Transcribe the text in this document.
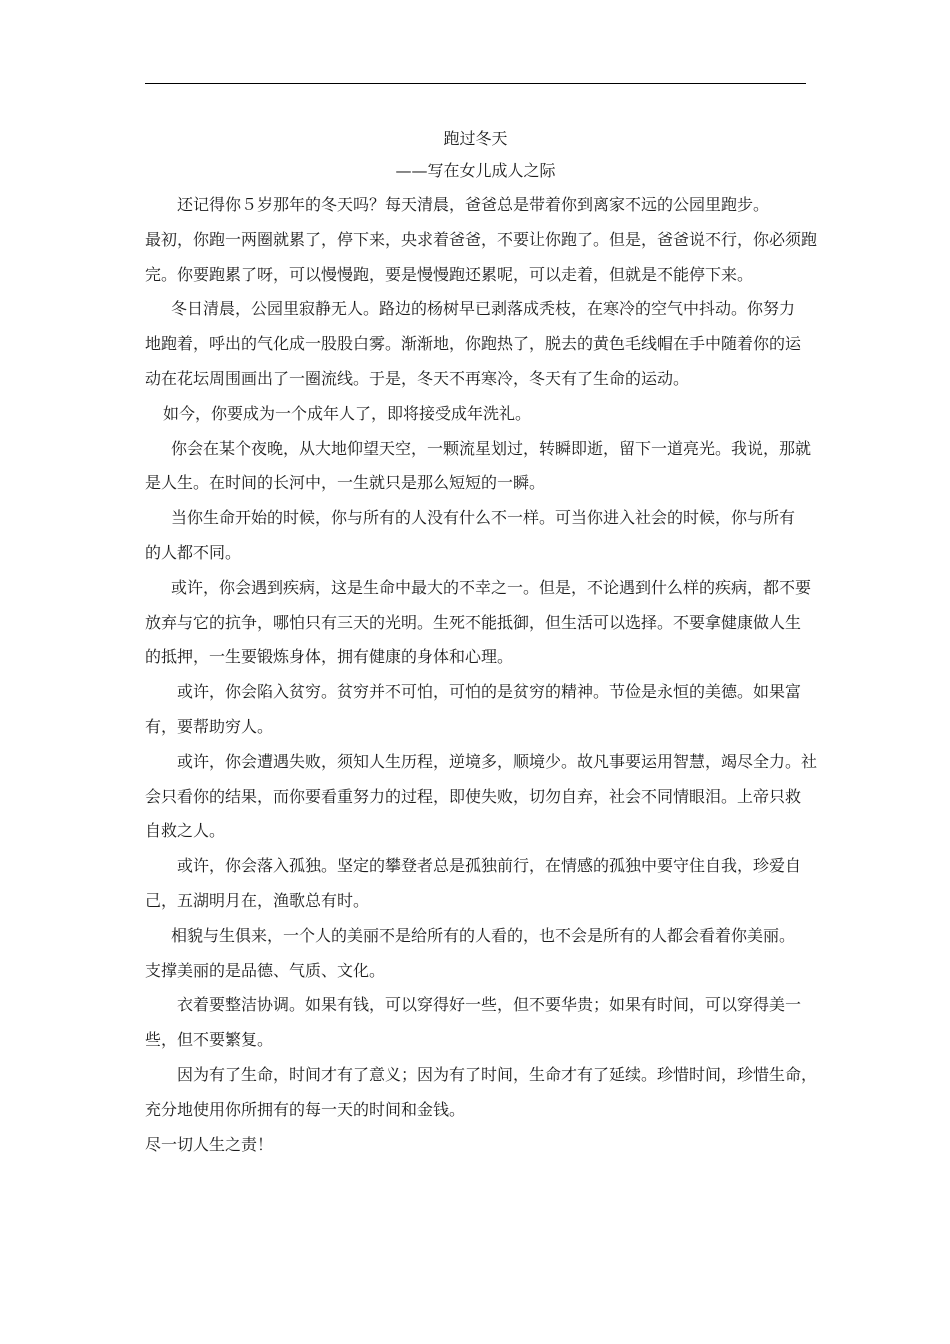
跑过冬天
——写在女儿成人之际
还记得你５岁那年的冬天吗？每天清晨，爸爸总是带着你到离家不远的公园里跑步。
最初，你跑一两圈就累了，停下来，央求着爸爸，不要让你跑了。但是，爸爸说不行，你必须跑
完。你要跑累了呀，可以慢慢跑，要是慢慢跑还累呢，可以走着，但就是不能停下来。
冬日清晨，公园里寂静无人。路边的杨树早已剥落成秃枝，在寒冷的空气中抖动。你努力
地跑着，呼出的气化成一股股白雾。渐渐地，你跑热了，脱去的黄色毛线帽在手中随着你的运
动在花坛周围画出了一圈流线。于是，冬天不再寒冷，冬天有了生命的运动。
如今，你要成为一个成年人了，即将接受成年洗礼。
你会在某个夜晚，从大地仰望天空，一颗流星划过，转瞬即逝，留下一道亮光。我说，那就
是人生。在时间的长河中，一生就只是那么短短的一瞬。
当你生命开始的时候，你与所有的人没有什么不一样。可当你进入社会的时候，你与所有
的人都不同。
或许，你会遇到疾病，这是生命中最大的不幸之一。但是，不论遇到什么样的疾病，都不要
放弃与它的抗争，哪怕只有三天的光明。生死不能抵御，但生活可以选择。不要拿健康做人生
的抵押，一生要锻炼身体，拥有健康的身体和心理。
或许，你会陷入贫穷。贫穷并不可怕，可怕的是贫穷的精神。节俭是永恒的美德。如果富
有，要帮助穷人。
或许，你会遭遇失败，须知人生历程，逆境多，顺境少。故凡事要运用智慧，竭尽全力。社
会只看你的结果，而你要看重努力的过程，即使失败，切勿自弃，社会不同情眼泪。上帝只救
自救之人。
或许，你会落入孤独。坚定的攀登者总是孤独前行，在情感的孤独中要守住自我，珍爱自
己，五湖明月在，渔歌总有时。
相貌与生俱来，一个人的美丽不是给所有的人看的，也不会是所有的人都会看着你美丽。
支撑美丽的是品德、气质、文化。
衣着要整洁协调。如果有钱，可以穿得好一些，但不要华贵；如果有时间，可以穿得美一
些，但不要繁复。
因为有了生命，时间才有了意义；因为有了时间，生命才有了延续。珍惜时间，珍惜生命，
充分地使用你所拥有的每一天的时间和金钱。
尽一切人生之责！
